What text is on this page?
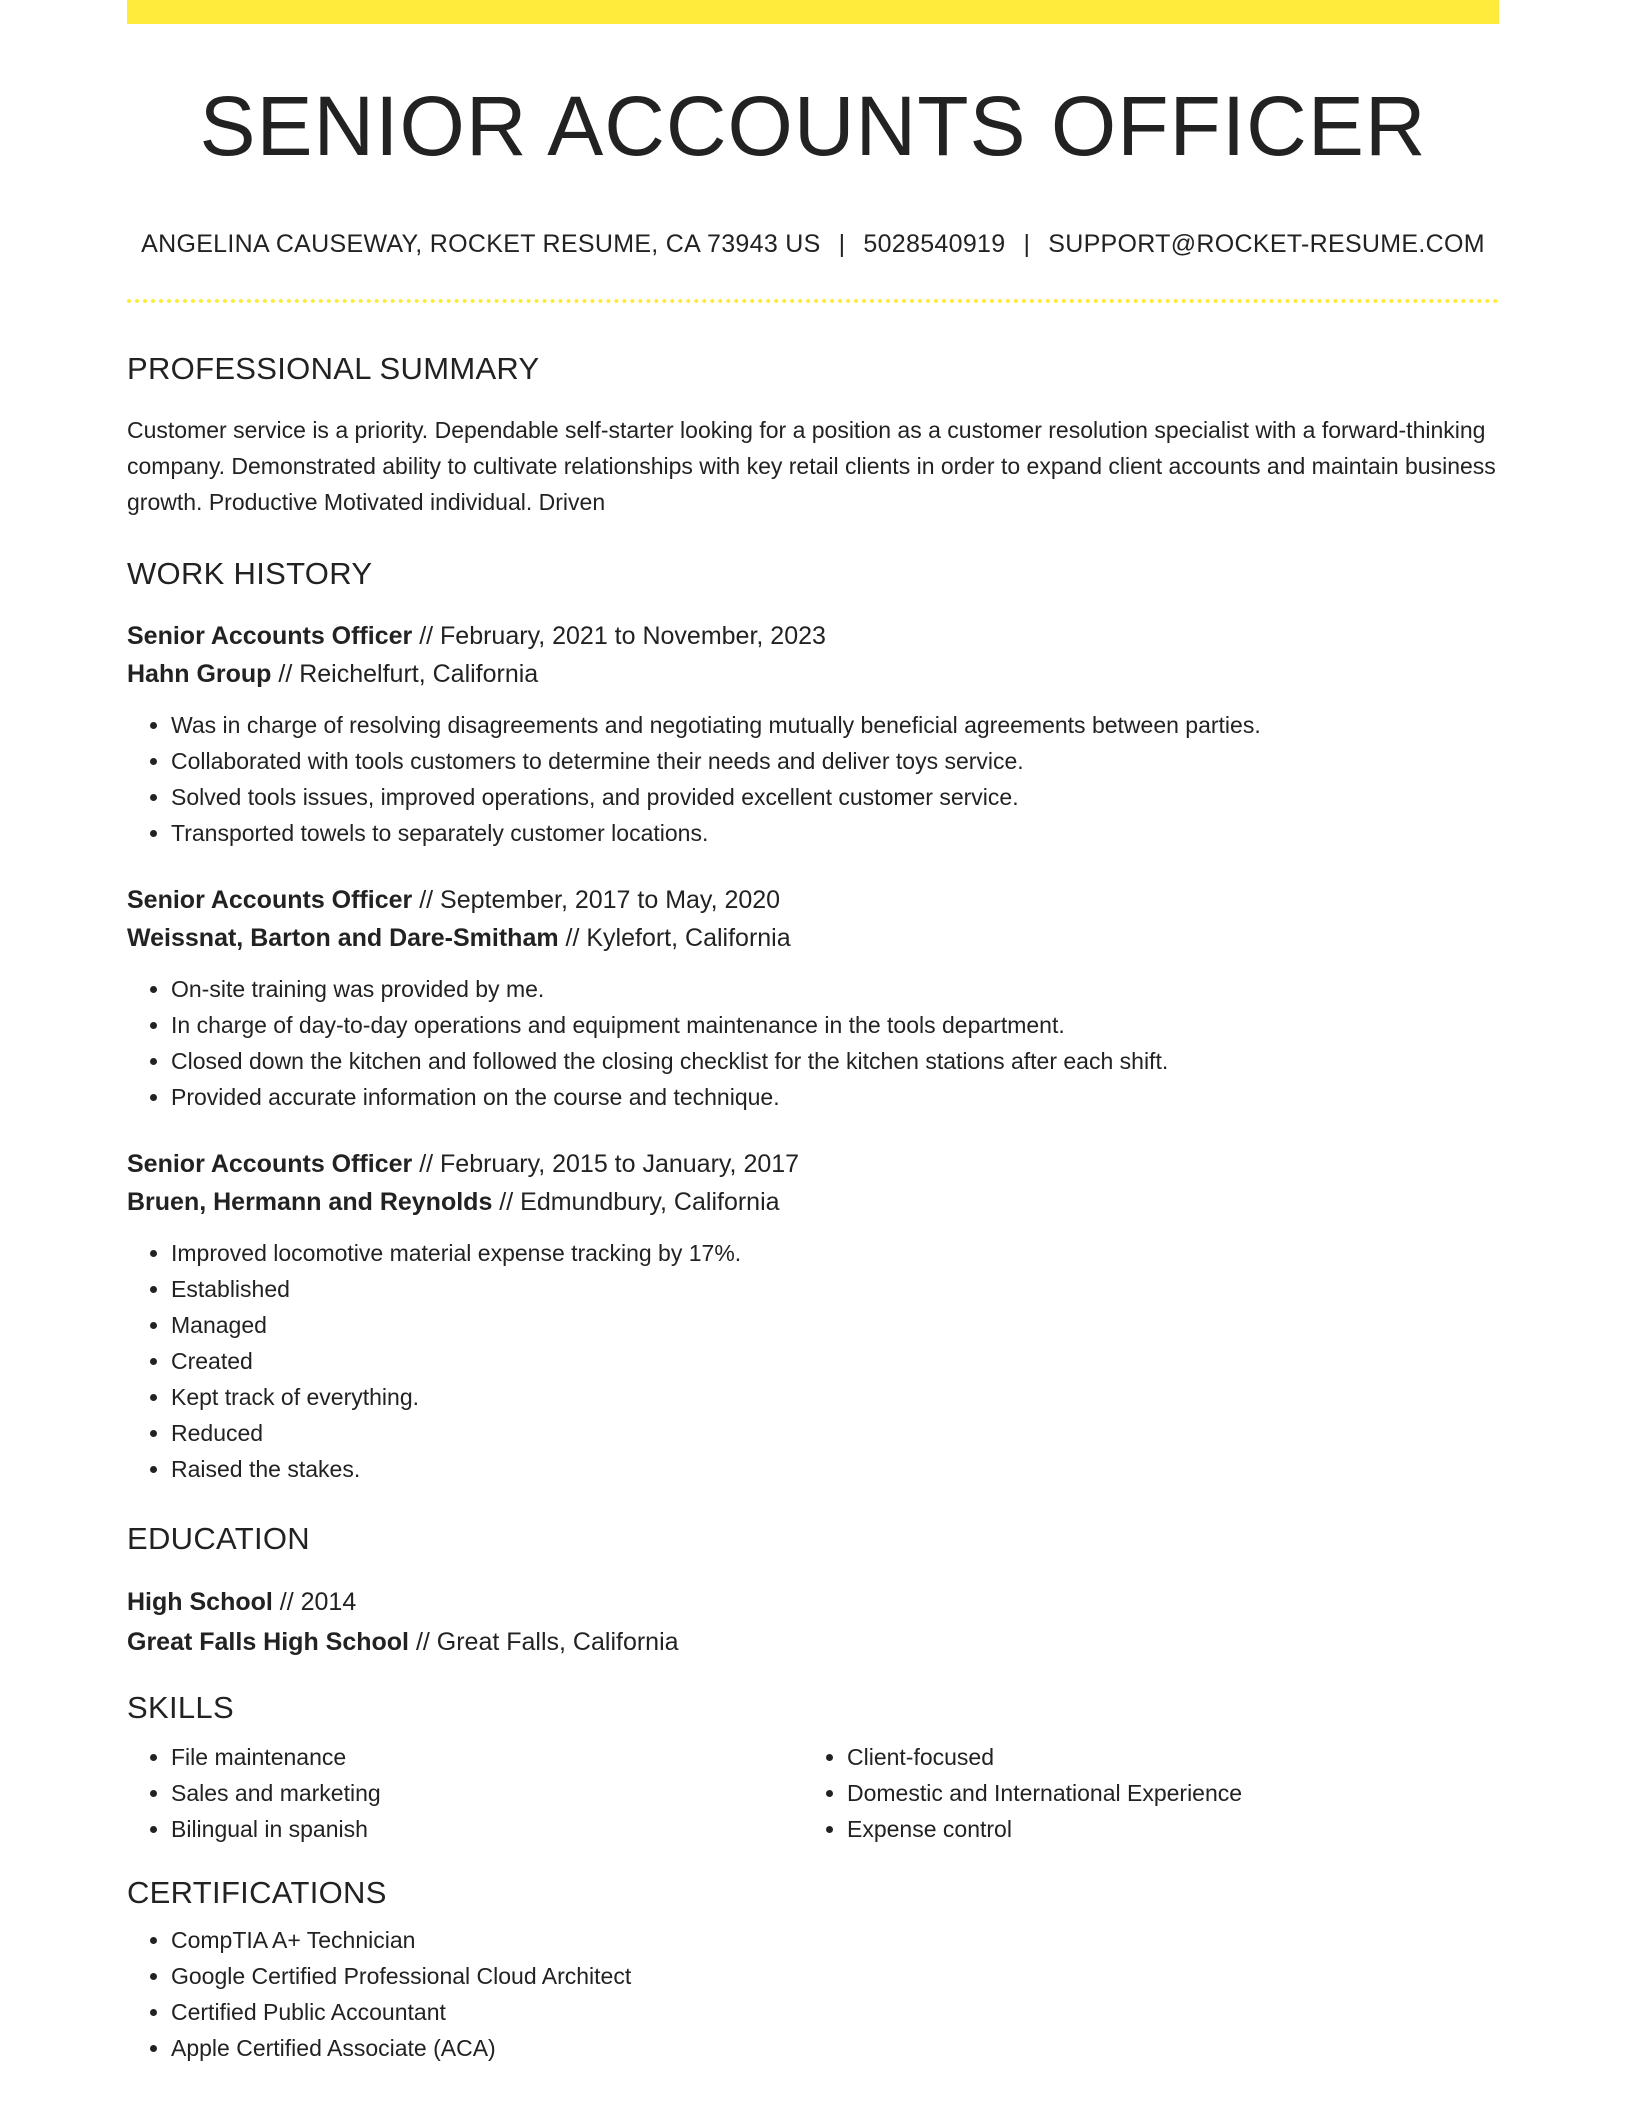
SENIOR ACCOUNTS OFFICER
ANGELINA CAUSEWAY, ROCKET RESUME, CA 73943 US | 5028540919 | SUPPORT@ROCKET-RESUME.COM
PROFESSIONAL SUMMARY
Customer service is a priority. Dependable self-starter looking for a position as a customer resolution specialist with a forward-thinking company. Demonstrated ability to cultivate relationships with key retail clients in order to expand client accounts and maintain business growth. Productive Motivated individual. Driven
WORK HISTORY
Senior Accounts Officer // February, 2021 to November, 2023
Hahn Group // Reichelfurt, California
• Was in charge of resolving disagreements and negotiating mutually beneficial agreements between parties.
• Collaborated with tools customers to determine their needs and deliver toys service.
• Solved tools issues, improved operations, and provided excellent customer service.
• Transported towels to separately customer locations.
Senior Accounts Officer // September, 2017 to May, 2020
Weissnat, Barton and Dare-Smitham // Kylefort, California
• On-site training was provided by me.
• In charge of day-to-day operations and equipment maintenance in the tools department.
• Closed down the kitchen and followed the closing checklist for the kitchen stations after each shift.
• Provided accurate information on the course and technique.
Senior Accounts Officer // February, 2015 to January, 2017
Bruen, Hermann and Reynolds // Edmundbury, California
• Improved locomotive material expense tracking by 17%.
• Established
• Managed
• Created
• Kept track of everything.
• Reduced
• Raised the stakes.
EDUCATION
High School // 2014
Great Falls High School // Great Falls, California
SKILLS
• File maintenance
• Sales and marketing
• Bilingual in spanish
• Client-focused
• Domestic and International Experience
• Expense control
CERTIFICATIONS
• CompTIA A+ Technician
• Google Certified Professional Cloud Architect
• Certified Public Accountant
• Apple Certified Associate (ACA)
